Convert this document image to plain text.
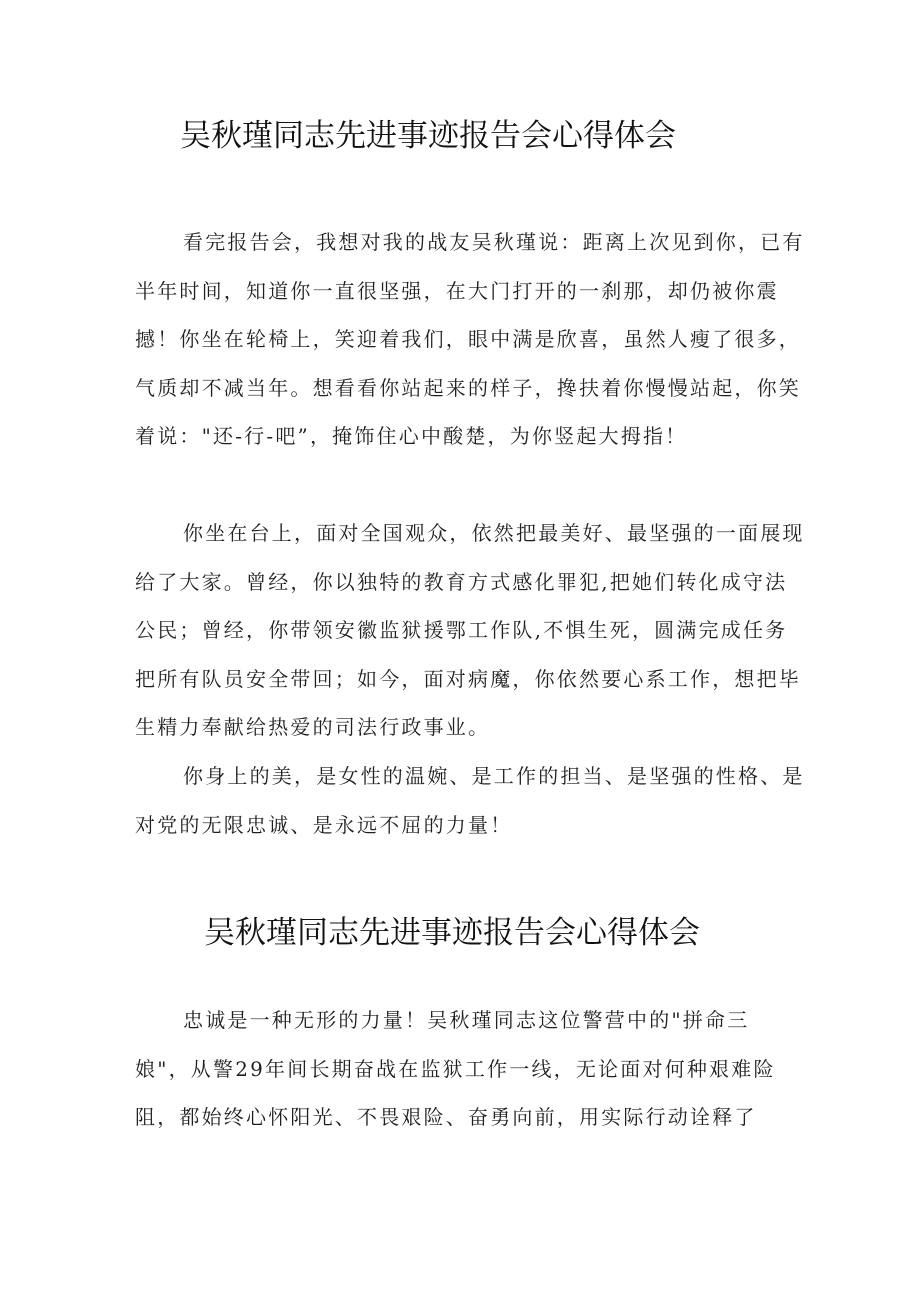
吴秋瑾同志先进事迹报告会心得体会

看完报告会，我想对我的战友吴秋瑾说：距离上次见到你，已有半年时间，知道你一直很坚强，在大门打开的一刹那，却仍被你震撼！你坐在轮椅上，笑迎着我们，眼中满是欣喜，虽然人瘦了很多，气质却不减当年。想看看你站起来的样子，搀扶着你慢慢站起，你笑着说："还-行-吧”，掩饰住心中酸楚，为你竖起大拇指！

你坐在台上，面对全国观众，依然把最美好、最坚强的一面展现给了大家。曾经，你以独特的教育方式感化罪犯,把她们转化成守法公民；曾经，你带领安徽监狱援鄂工作队,不惧生死，圆满完成任务把所有队员安全带回；如今，面对病魔，你依然要心系工作，想把毕生精力奉献给热爱的司法行政事业。

你身上的美，是女性的温婉、是工作的担当、是坚强的性格、是对党的无限忠诚、是永远不屈的力量！

吴秋瑾同志先进事迹报告会心得体会

忠诚是一种无形的力量！吴秋瑾同志这位警营中的"拼命三娘"，从警29年间长期奋战在监狱工作一线，无论面对何种艰难险阻，都始终心怀阳光、不畏艰险、奋勇向前，用实际行动诠释了
